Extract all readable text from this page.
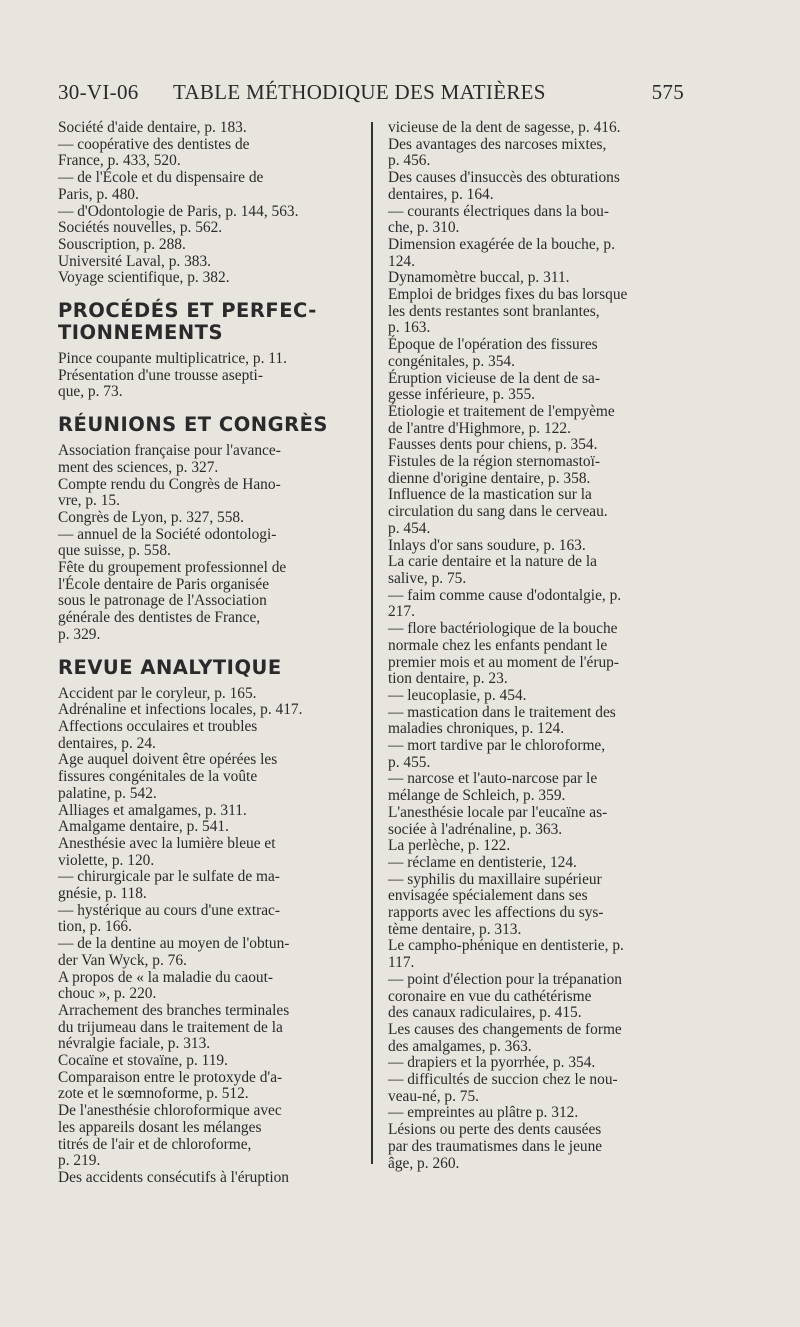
30-VI-06 TABLE MÉTHODIQUE DES MATIÈRES	575
Société d'aide dentaire, p. 183.
— coopérative des dentistes de
France, p. 433, 520.
— de l'École et du dispensaire de
Paris, p. 480.
— d'Odontologie de Paris, p. 144, 563.
Sociétés nouvelles, p. 562.
Souscription, p. 288.
Université Laval, p. 383.
Voyage scientifique, p. 382.
PROCÉDÉS ET PERFEC- TIONNEMENTS
Pince coupante multiplicatrice, p. 11.
Présentation d'une trousse asepti-
que, p. 73.
RÉUNIONS ET CONGRÈS
Association française pour l'avance-
ment des sciences, p. 327.
Compte rendu du Congrès de Hano-
vre, p. 15.
Congrès de Lyon, p. 327, 558.
— annuel de la Société odontologi-
que suisse, p. 558.
Fête du groupement professionnel de
l'École dentaire de Paris organisée
sous le patronage de l'Association
générale des dentistes de France,
p. 329.
REVUE ANALYTIQUE
Accident par le coryleur, p. 165.
Adrénaline et infections locales, p. 417.
Affections occulaires et troubles
dentaires, p. 24.
Age auquel doivent être opérées les
fissures congénitales de la voûte
palatine, p. 542.
Alliages et amalgames, p. 311.
Amalgame dentaire, p. 541.
Anesthésie avec la lumière bleue et
violette, p. 120.
— chirurgicale par le sulfate de ma-
gnésie, p. 118.
— hystérique au cours d'une extrac-
tion, p. 166.
— de la dentine au moyen de l'obtun-
der Van Wyck, p. 76.
A propos de « la maladie du caout-
chouc », p. 220.
Arrachement des branches terminales
du trijumeau dans le traitement de la
névralgie faciale, p. 313.
Cocaïne et stovaïne, p. 119.
Comparaison entre le protoxyde d'a-
zote et le sœmnoforme, p. 512.
De l'anesthésie chloroformique avec
les appareils dosant les mélanges
titrés de l'air et de chloroforme,
p. 219.
Des accidents consécutifs à l'éruption
vicieuse de la dent de sagesse, p. 416.
Des avantages des narcoses mixtes,
p. 456.
Des causes d'insuccès des obturations
dentaires, p. 164.
— courants électriques dans la bou-
che, p. 310.
Dimension exagérée de la bouche, p.
124.
Dynamomètre buccal, p. 311.
Emploi de bridges fixes du bas lorsque
les dents restantes sont branlantes,
p. 163.
Époque de l'opération des fissures
congénitales, p. 354.
Éruption vicieuse de la dent de sa-
gesse inférieure, p. 355.
Étiologie et traitement de l'empyème
de l'antre d'Highmore, p. 122.
Fausses dents pour chiens, p. 354.
Fistules de la région sternomastoï-
dienne d'origine dentaire, p. 358.
Influence de la mastication sur la
circulation du sang dans le cerveau.
p. 454.
Inlays d'or sans soudure, p. 163.
La carie dentaire et la nature de la
salive, p. 75.
— faim comme cause d'odontalgie, p.
217.
— flore bactériologique de la bouche
normale chez les enfants pendant le
premier mois et au moment de l'érup-
tion dentaire, p. 23.
— leucoplasie, p. 454.
— mastication dans le traitement des
maladies chroniques, p. 124.
— mort tardive par le chloroforme,
p. 455.
— narcose et l'auto-narcose par le
mélange de Schleich, p. 359.
L'anesthésie locale par l'eucaïne as-
sociée à l'adrénaline, p. 363.
La perlèche, p. 122.
— réclame en dentisterie, 124.
— syphilis du maxillaire supérieur
envisagée spécialement dans ses
rapports avec les affections du sys-
tème dentaire, p. 313.
Le campho-phénique en dentisterie, p.
117.
— point d'élection pour la trépanation
coronaire en vue du cathétérisme
des canaux radiculaires, p. 415.
Les causes des changements de forme
des amalgames, p. 363.
— drapiers et la pyorrhée, p. 354.
— difficultés de succion chez le nou-
veau-né, p. 75.
— empreintes au plâtre p. 312.
Lésions ou perte des dents causées
par des traumatismes dans le jeune
âge, p. 260.
